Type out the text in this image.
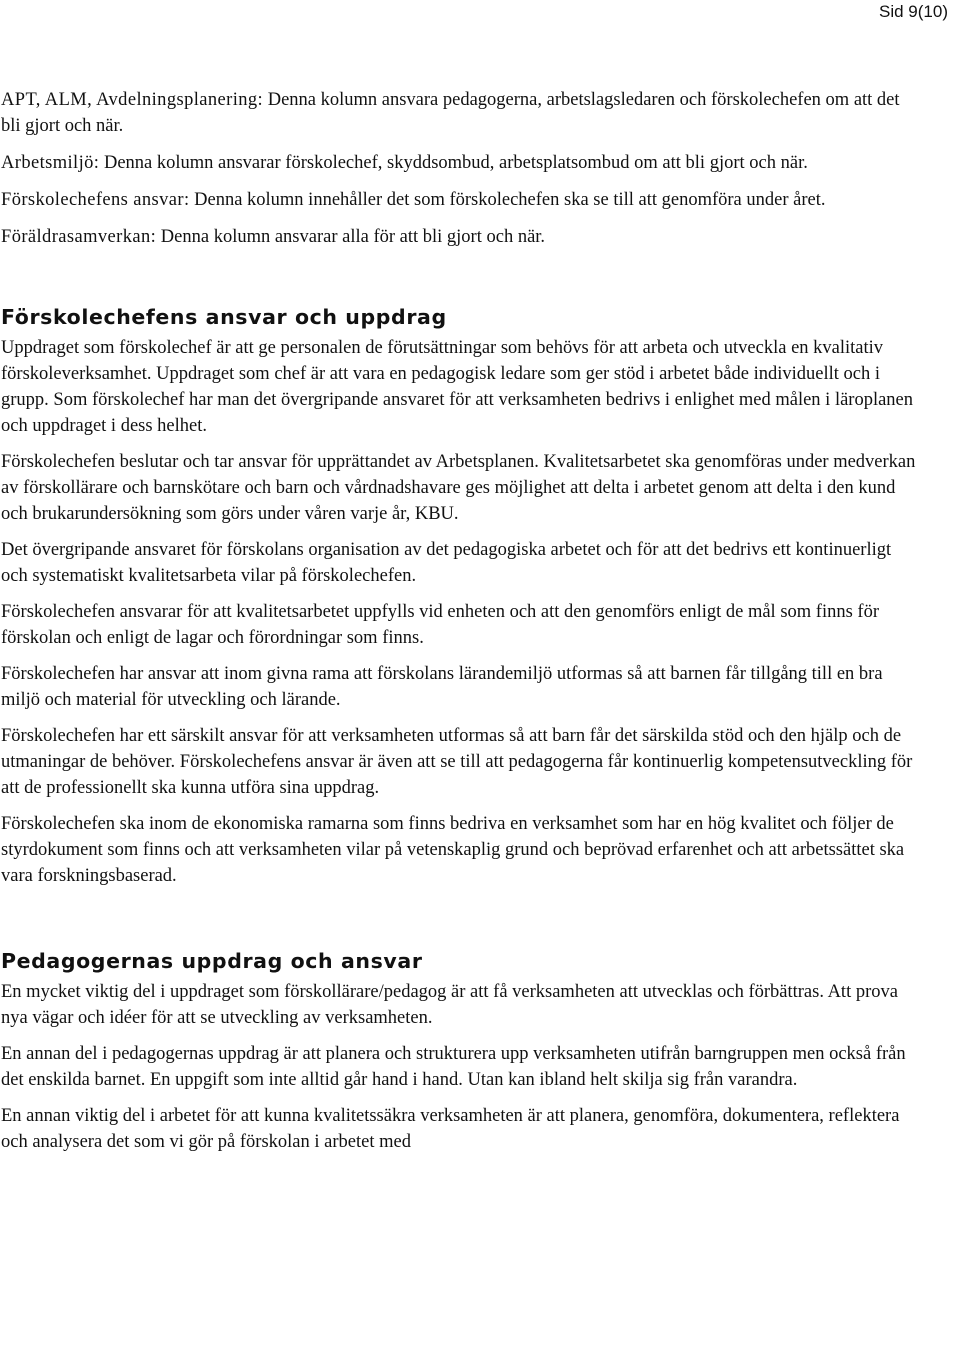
Sid 9(10)

APT, ALM, Avdelningsplanering: Denna kolumn ansvara pedagogerna, arbetslagsledaren och förskolechefen om att det bli gjort och när.

Arbetsmiljö: Denna kolumn ansvarar förskolechef, skyddsombud, arbetsplatsombud om att bli gjort och när.

Förskolechefens ansvar: Denna kolumn innehåller det som förskolechefen ska se till att genomföra under året.

Föräldrasamverkan: Denna kolumn ansvarar alla för att bli gjort och när.

Förskolechefens ansvar och uppdrag

Uppdraget som förskolechef är att ge personalen de förutsättningar som behövs för att arbeta och utveckla en kvalitativ förskoleverksamhet. Uppdraget som chef är att vara en pedagogisk ledare som ger stöd i arbetet både individuellt och i grupp. Som förskolechef har man det övergripande ansvaret för att verksamheten bedrivs i enlighet med målen i läroplanen och uppdraget i dess helhet.

Förskolechefen beslutar och tar ansvar för upprättandet av Arbetsplanen. Kvalitetsarbetet ska genomföras under medverkan av förskollärare och barnskötare och barn och vårdnadshavare ges möjlighet att delta i arbetet genom att delta i den kund och brukarundersökning som görs under våren varje år, KBU.

Det övergripande ansvaret för förskolans organisation av det pedagogiska arbetet och för att det bedrivs ett kontinuerligt och systematiskt kvalitetsarbeta vilar på förskolechefen.

Förskolechefen ansvarar för att kvalitetsarbetet uppfylls vid enheten och att den genomförs enligt de mål som finns för förskolan och enligt de lagar och förordningar som finns.

Förskolechefen har ansvar att inom givna rama att förskolans lärandemiljö utformas så att barnen får tillgång till en bra miljö och material för utveckling och lärande.

Förskolechefen har ett särskilt ansvar för att verksamheten utformas så att barn får det särskilda stöd och den hjälp och de utmaningar de behöver. Förskolechefens ansvar är även att se till att pedagogerna får kontinuerlig kompetensutveckling för att de professionellt ska kunna utföra sina uppdrag.

Förskolechefen ska inom de ekonomiska ramarna som finns bedriva en verksamhet som har en hög kvalitet och följer de styrdokument som finns och att verksamheten vilar på vetenskaplig grund och beprövad erfarenhet och att arbetssättet ska vara forskningsbaserad.

Pedagogernas uppdrag och ansvar

En mycket viktig del i uppdraget som förskollärare/pedagog är att få verksamheten att utvecklas och förbättras. Att prova nya vägar och idéer för att se utveckling av verksamheten.

En annan del i pedagogernas uppdrag är att planera och strukturera upp verksamheten utifrån barngruppen men också från det enskilda barnet. En uppgift som inte alltid går hand i hand. Utan kan ibland helt skilja sig från varandra.

En annan viktig del i arbetet för att kunna kvalitetssäkra verksamheten är att planera, genomföra, dokumentera, reflektera och analysera det som vi gör på förskolan i arbetet med
